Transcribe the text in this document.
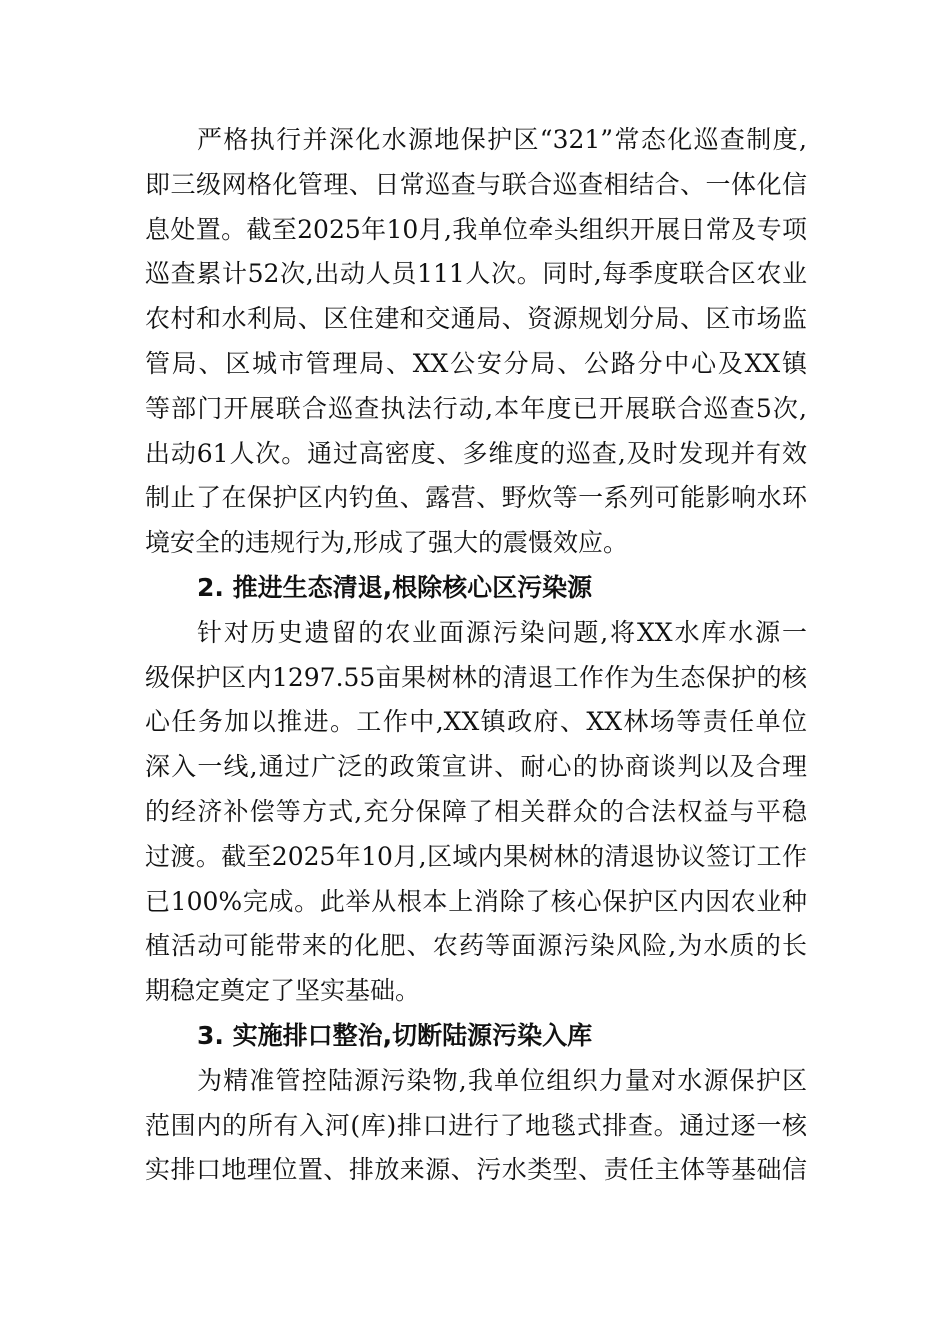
严格执行并深化水源地保护区“321”常态化巡查制度,
即三级网格化管理、日常巡查与联合巡查相结合、一体化信
息处置。截至2025年10月,我单位牵头组织开展日常及专项
巡查累计52次,出动人员111人次。同时,每季度联合区农业
农村和水利局、区住建和交通局、资源规划分局、区市场监
管局、区城市管理局、XX公安分局、公路分中心及XX镇
等部门开展联合巡查执法行动,本年度已开展联合巡查5次,
出动61人次。通过高密度、多维度的巡查,及时发现并有效
制止了在保护区内钓鱼、露营、野炊等一系列可能影响水环
境安全的违规行为,形成了强大的震慑效应。
2. 推进生态清退,根除核心区污染源
针对历史遗留的农业面源污染问题,将XX水库水源一
级保护区内1297.55亩果树林的清退工作作为生态保护的核
心任务加以推进。工作中,XX镇政府、XX林场等责任单位
深入一线,通过广泛的政策宣讲、耐心的协商谈判以及合理
的经济补偿等方式,充分保障了相关群众的合法权益与平稳
过渡。截至2025年10月,区域内果树林的清退协议签订工作
已100%完成。此举从根本上消除了核心保护区内因农业种
植活动可能带来的化肥、农药等面源污染风险,为水质的长
期稳定奠定了坚实基础。
3. 实施排口整治,切断陆源污染入库
为精准管控陆源污染物,我单位组织力量对水源保护区
范围内的所有入河(库)排口进行了地毯式排查。通过逐一核
实排口地理位置、排放来源、污水类型、责任主体等基础信
